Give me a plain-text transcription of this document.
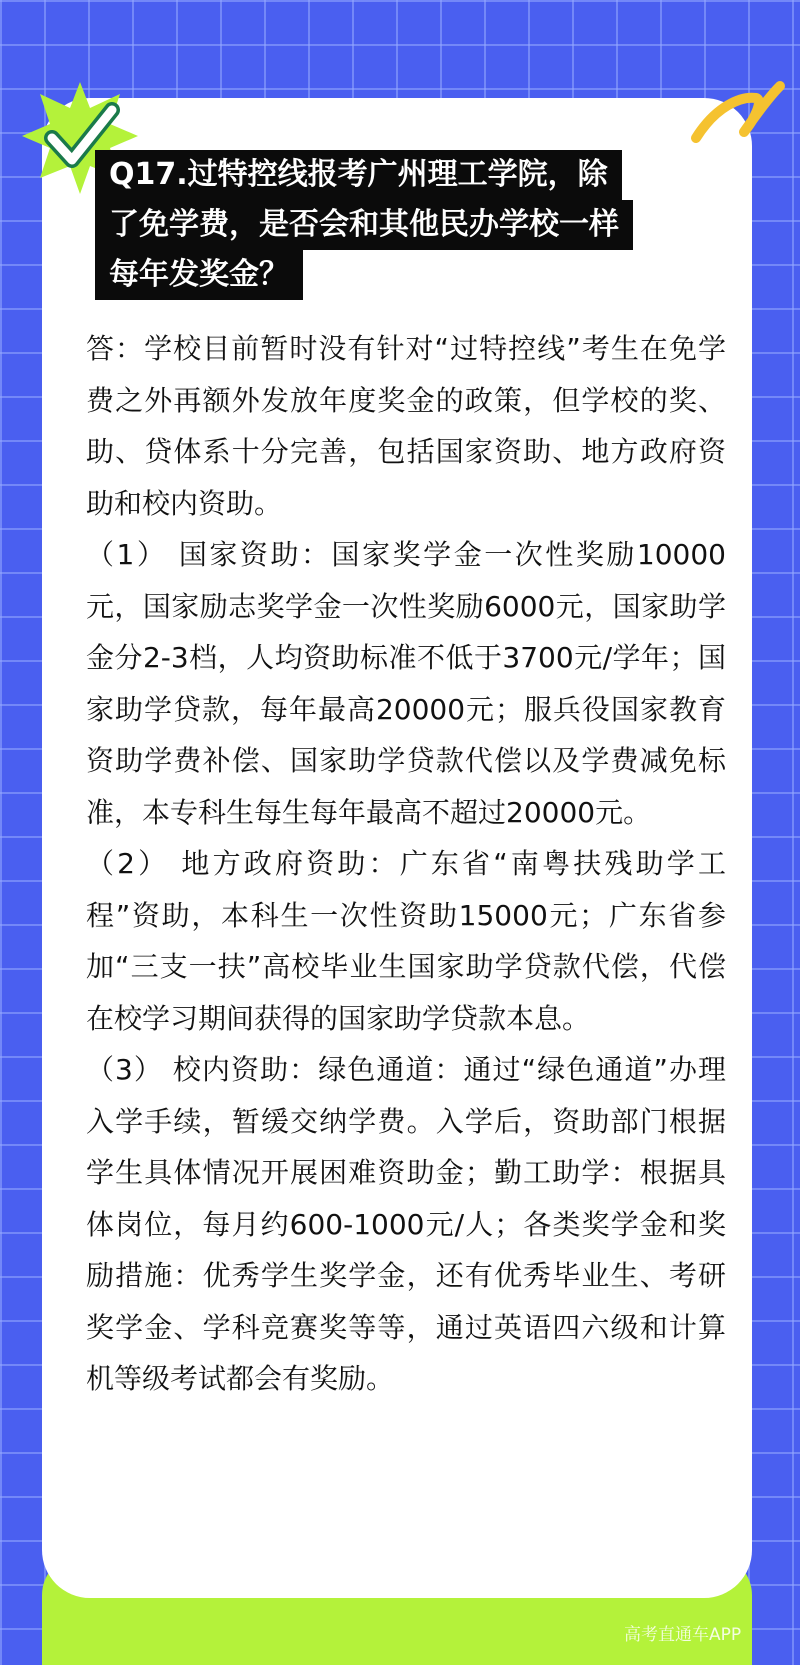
Q17.过特控线报考广州理工学院，除
了免学费，是否会和其他民办学校一样
每年发奖金？

答：学校目前暂时没有针对“过特控线”考生在免学费之外再额外发放年度奖金的政策，但学校的奖、助、贷体系十分完善，包括国家资助、地方政府资助和校内资助。

（1） 国家资助：国家奖学金一次性奖励10000元，国家励志奖学金一次性奖励6000元，国家助学金分2-3档，人均资助标准不低于3700元/学年；国家助学贷款，每年最高20000元；服兵役国家教育资助学费补偿、国家助学贷款代偿以及学费减免标准，本专科生每生每年最高不超过20000元。

（2） 地方政府资助：广东省“南粤扶残助学工程”资助，本科生一次性资助15000元；广东省参加“三支一扶”高校毕业生国家助学贷款代偿，代偿在校学习期间获得的国家助学贷款本息。

（3） 校内资助：绿色通道：通过“绿色通道”办理入学手续，暂缓交纳学费。入学后，资助部门根据学生具体情况开展困难资助金；勤工助学：根据具体岗位，每月约600-1000元/人；各类奖学金和奖励措施：优秀学生奖学金，还有优秀毕业生、考研奖学金、学科竞赛奖等等，通过英语四六级和计算机等级考试都会有奖励。

高考直通车APP
